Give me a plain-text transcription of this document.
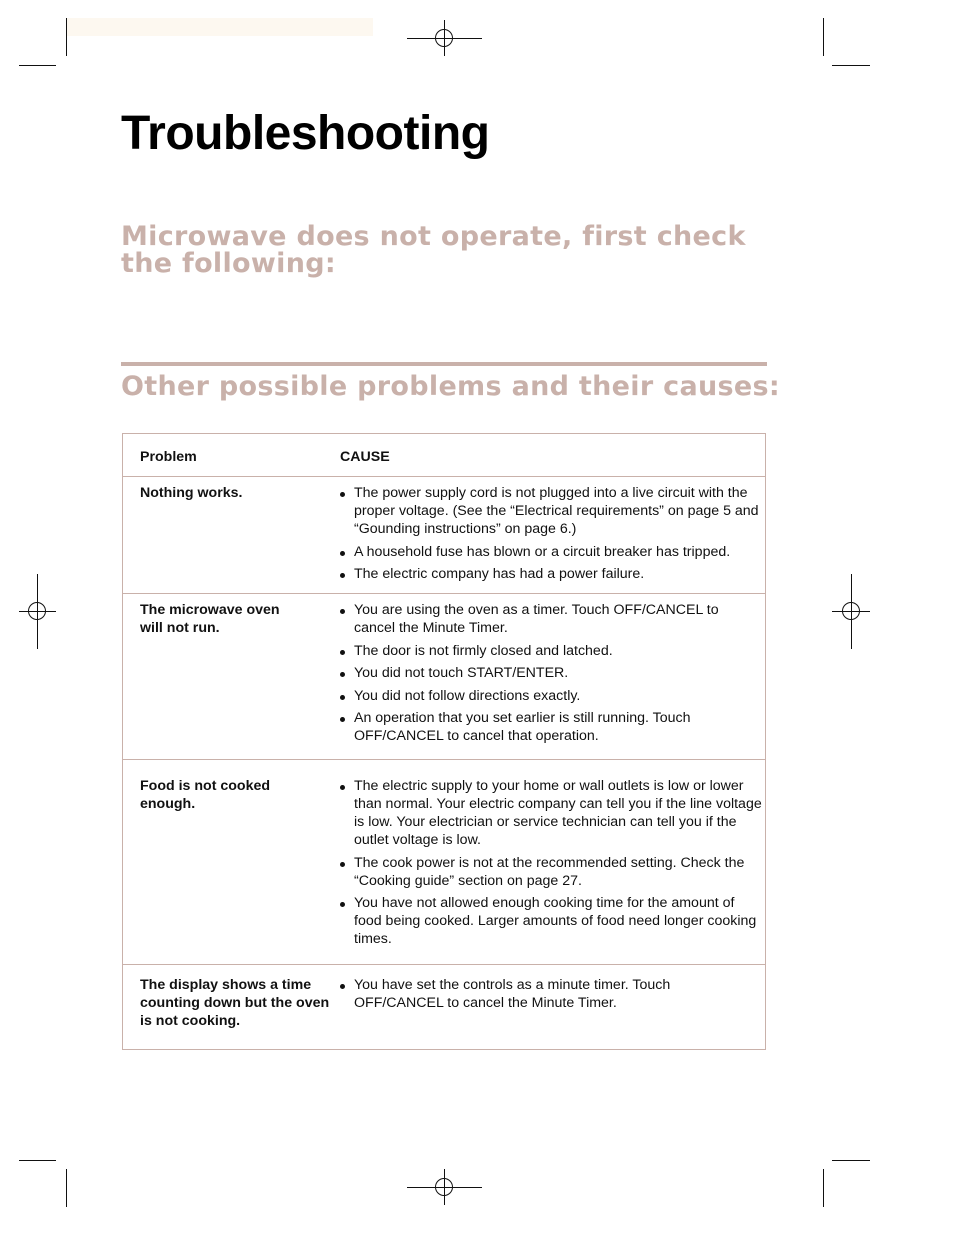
Troubleshooting
Microwave does not operate, first check
the following:
Other possible problems and their causes:
Problem	CAUSE
Nothing works.	The power supply cord is not plugged into a live circuit with the proper voltage. (See the “Electrical requirements” on page 5 and “Gounding instructions” on page 6.)
A household fuse has blown or a circuit breaker has tripped.
The electric company has had a power failure.
The microwave oven will not run.
You are using the oven as a timer. Touch OFF/CANCEL to cancel the Minute Timer.
The door is not firmly closed and latched.
You did not touch START/ENTER.
You did not follow directions exactly.
An operation that you set earlier is still running. Touch OFF/CANCEL to cancel that operation.
Food is not cooked enough.
The electric supply to your home or wall outlets is low or lower than normal. Your electric company can tell you if the line voltage is low. Your electrician or service technician can tell you if the outlet voltage is low.
The cook power is not at the recommended setting. Check the “Cooking guide” section on page 27.
You have not allowed enough cooking time for the amount of food being cooked. Larger amounts of food need longer cooking times.
The display shows a time counting down but the oven is not cooking.
You have set the controls as a minute timer. Touch OFF/CANCEL to cancel the Minute Timer.
